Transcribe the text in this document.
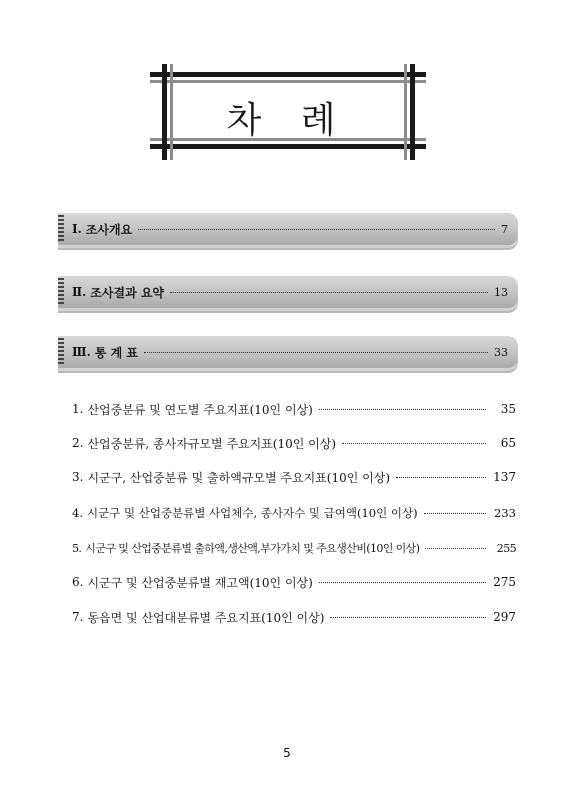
차 례
Ⅰ. 조사개요	7
Ⅱ. 조사결과 요약	13
Ⅲ. 통 계 표	33
1. 산업중분류 및 연도별 주요지표(10인 이상)	35
2. 산업중분류, 종사자규모별 주요지표(10인 이상)	65
3. 시군구, 산업중분류 및 출하액규모별 주요지표(10인 이상)	137
4. 시군구 및 산업중분류별 사업체수, 종사자수 및 급여액(10인 이상)	233
5. 시군구 및 산업중분류별 출하액,생산액,부가가치 및 주요생산비(10인 이상)	255
6. 시군구 및 산업중분류별 재고액(10인 이상)	275
7. 동읍면 및 산업대분류별 주요지표(10인 이상)	297
5
